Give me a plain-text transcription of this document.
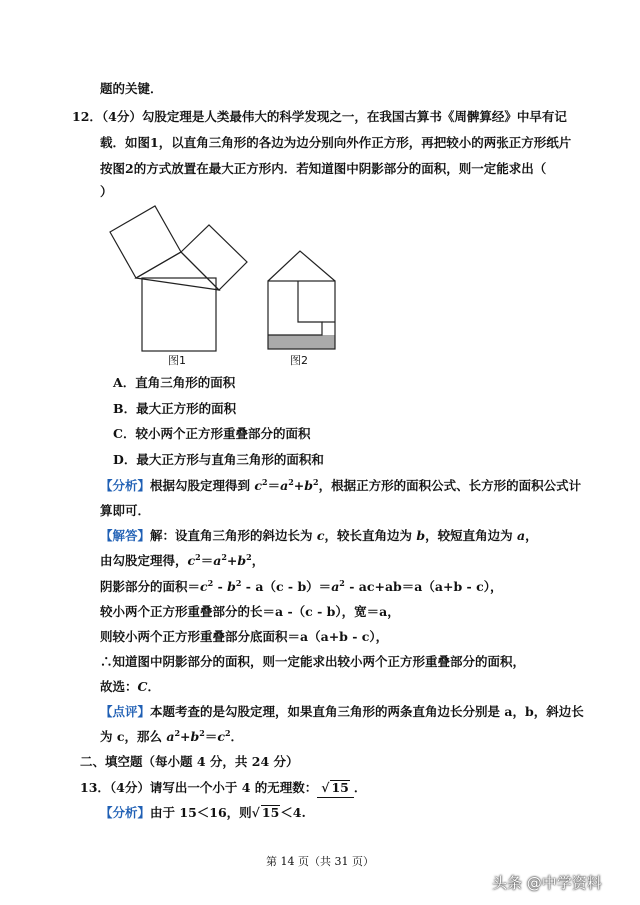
题的关键．
12．（4分）勾股定理是人类最伟大的科学发现之一，在我国古算书《周髀算经》中早有记
载．如图1，以直角三角形的各边为边分别向外作正方形，再把较小的两张正方形纸片
按图2的方式放置在最大正方形内．若知道图中阴影部分的面积，则一定能求出（
）
图1	图2
A．直角三角形的面积
B．最大正方形的面积
C．较小两个正方形重叠部分的面积
D．最大正方形与直角三角形的面积和
【分析】根据勾股定理得到 $c^2=a^2+b^2$，根据正方形的面积公式、长方形的面积公式计
算即可．
【解答】解：设直角三角形的斜边长为 c，较长直角边为 b，较短直角边为 a，
由勾股定理得，$c^2=a^2+b^2$，
阴影部分的面积$=c^2 - b^2 - a(c - b)=a^2 - ac+ab=a(a+b - c)$，
较小两个正方形重叠部分的长＝a -（c - b），宽＝a，
则较小两个正方形重叠部分底面积＝a（a+b - c），
∴知道图中阴影部分的面积，则一定能求出较小两个正方形重叠部分的面积，
故选：C．
【点评】本题考查的是勾股定理，如果直角三角形的两条直角边长分别是 a，b，斜边长
为 c，那么 $a^2+b^2=c^2$．
二、填空题（每小题 4 分，共 24 分）
13．（4分）请写出一个小于 4 的无理数： √ 15 ．
【分析】由于 15＜16，则√ 15＜4.
第 14 页（共 31 页）
头条 @中学资料
